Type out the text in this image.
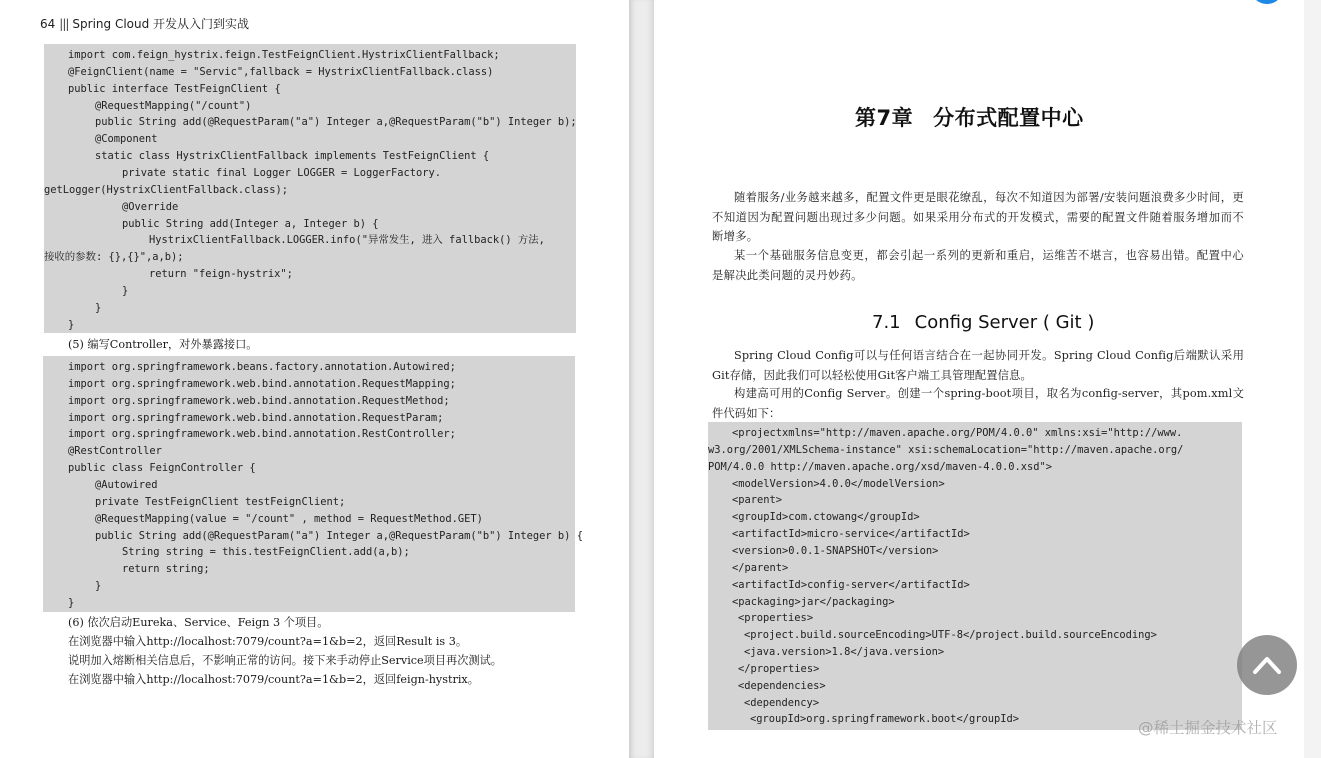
64 ||| Spring Cloud 开发从入门到实战
import com.feign_hystrix.feign.TestFeignClient.HystrixClientFallback;
@FeignClient(name = "Servic",fallback = HystrixClientFallback.class)
public interface TestFeignClient {
@RequestMapping("/count")
public String add(@RequestParam("a") Integer a,@RequestParam("b") Integer b);
@Component
static class HystrixClientFallback implements TestFeignClient {
private static final Logger LOGGER = LoggerFactory.
getLogger(HystrixClientFallback.class);
@Override
public String add(Integer a, Integer b) {
HystrixClientFallback.LOGGER.info("异常发生, 进入 fallback() 方法,
接收的参数: {},{}",a,b);
return "feign-hystrix";
}
}
}
(5) 编写Controller，对外暴露接口。
import org.springframework.beans.factory.annotation.Autowired;
import org.springframework.web.bind.annotation.RequestMapping;
import org.springframework.web.bind.annotation.RequestMethod;
import org.springframework.web.bind.annotation.RequestParam;
import org.springframework.web.bind.annotation.RestController;
@RestController
public class FeignController {
@Autowired
private TestFeignClient testFeignClient;
@RequestMapping(value = "/count" , method = RequestMethod.GET)
public String add(@RequestParam("a") Integer a,@RequestParam("b") Integer b) {
String string = this.testFeignClient.add(a,b);
return string;
}
}
(6) 依次启动Eureka、Service、Feign 3 个项目。
在浏览器中输入http://localhost:7079/count?a=1&b=2，返回Result is 3。
说明加入熔断相关信息后，不影响正常的访问。接下来手动停止Service项目再次测试。
在浏览器中输入http://localhost:7079/count?a=1&b=2，返回feign-hystrix。
第7章 分布式配置中心
随着服务/业务越来越多，配置文件更是眼花缭乱，每次不知道因为部署/安装问题浪费多少时间，更不知道因为配置问题出现过多少问题。如果采用分布式的开发模式，需要的配置文件随着服务增加而不断增多。
某一个基础服务信息变更，都会引起一系列的更新和重启，运维苦不堪言，也容易出错。配置中心是解决此类问题的灵丹妙药。
7.1 Config Server ( Git )
Spring Cloud Config可以与任何语言结合在一起协同开发。Spring Cloud Config后端默认采用Git存储，因此我们可以轻松使用Git客户端工具管理配置信息。
构建高可用的Config Server。创建一个spring-boot项目，取名为config-server，其pom.xml文件代码如下：
<projectxmlns="http://maven.apache.org/POM/4.0.0" xmlns:xsi="http://www.
w3.org/2001/XMLSchema-instance" xsi:schemaLocation="http://maven.apache.org/
POM/4.0.0 http://maven.apache.org/xsd/maven-4.0.0.xsd">
<modelVersion>4.0.0</modelVersion>
<parent>
<groupId>com.ctowang</groupId>
<artifactId>micro-service</artifactId>
<version>0.0.1-SNAPSHOT</version>
</parent>
<artifactId>config-server</artifactId>
<packaging>jar</packaging>
<properties>
<project.build.sourceEncoding>UTF-8</project.build.sourceEncoding>
<java.version>1.8</java.version>
</properties>
<dependencies>
<dependency>
<groupId>org.springframework.boot</groupId>	@稀土掘金技术社区
